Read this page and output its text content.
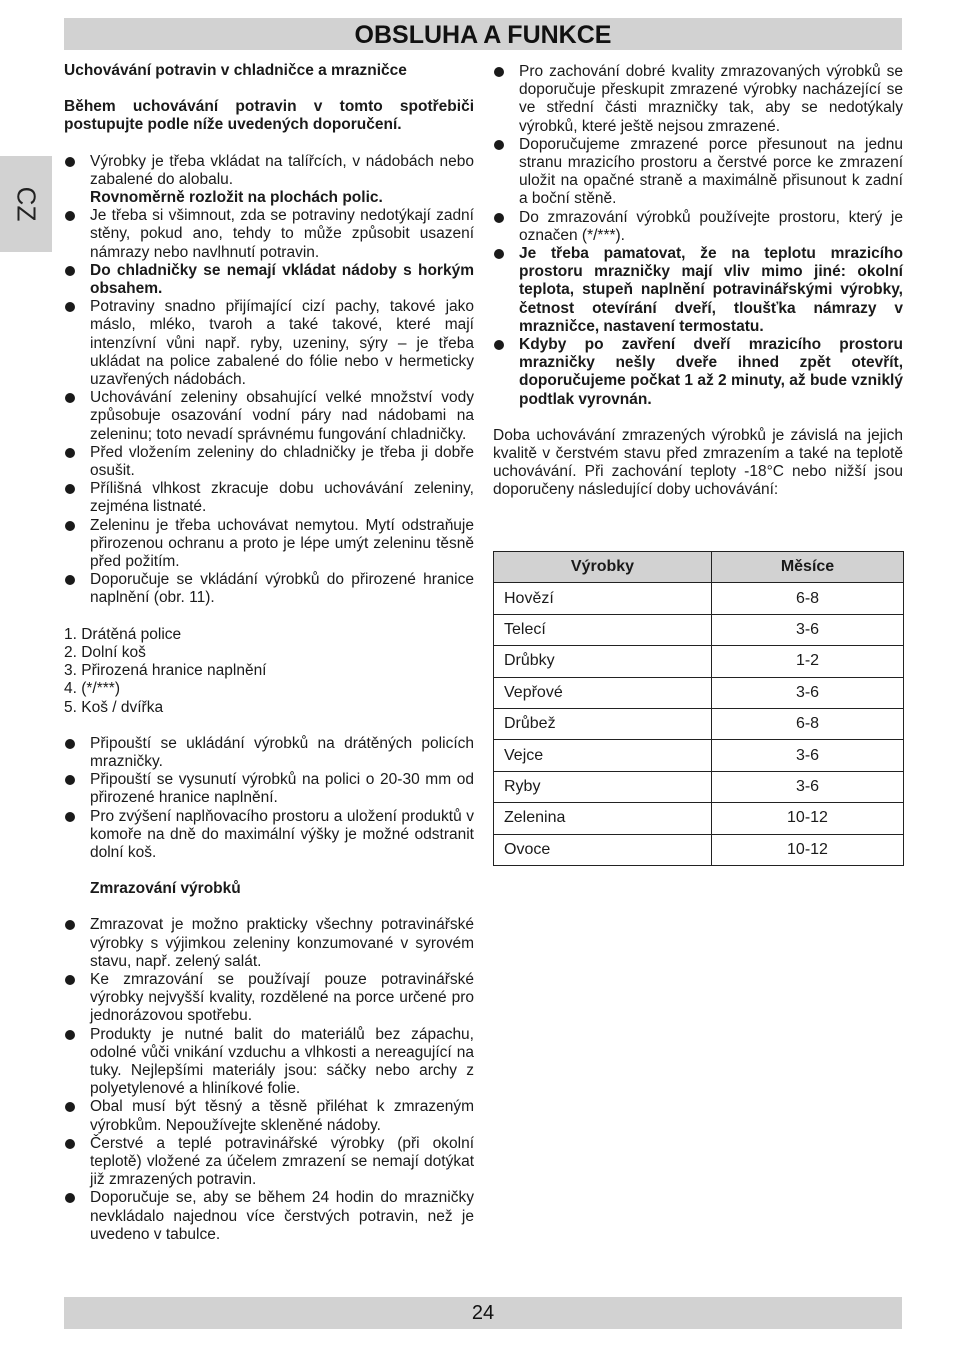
OBSLUHA A FUNKCE
CZ

Uchovávání potravin v chladničce a mrazničce

Během uchovávání potravin v tomto spotřebiči postupujte podle níže uvedených doporučení.

Výrobky je třeba vkládat na talířcích, v nádobách nebo zabalené do alobalu.
Rovnoměrně rozložit na plochách polic.
Je třeba si všimnout, zda se potraviny nedotýkají zadní stěny, pokud ano, tehdy to může způsobit usazení námrazy nebo navlhnutí potravin.
Do chladničky se nemají vkládat nádoby s horkým obsahem.
Potraviny snadno přijímající cizí pachy, takové jako máslo, mléko, tvaroh a také takové, které mají intenzívní vůni např. ryby, uzeniny, sýry – je třeba ukládat na police zabalené do fólie nebo v hermeticky uzavřených nádobách.
Uchovávání zeleniny obsahující velké množství vody způsobuje osazování vodní páry nad nádobami na zeleninu; toto nevadí správnému fungování chladničky.
Před vložením zeleniny do chladničky je třeba ji dobře osušit.
Přílišná vlhkost zkracuje dobu uchovávání zeleniny, zejména listnaté.
Zeleninu je třeba uchovávat nemytou. Mytí odstraňuje přirozenou ochranu a proto je lépe umýt zeleninu těsně před požitím.
Doporučuje se vkládání výrobků do přirozené hranice naplnění (obr. 11).
1. Drátěná police
2. Dolní koš
3. Přirozená hranice naplnění
4. (*/***)
5. Koš / dvířka
Připouští se ukládání výrobků na drátěných policích mrazničky.
Připouští se vysunutí výrobků na polici o 20-30 mm od přirozené hranice naplnění.
Pro zvýšení naplňovacího prostoru a uložení produktů v komoře na dně do maximální výšky je možné odstranit dolní koš.

Zmrazování výrobků

Zmrazovat je možno prakticky všechny potravinářské výrobky s výjimkou zeleniny konzumované v syrovém stavu, např. zelený salát.
Ke zmrazování se používají pouze potravinářské výrobky nejvyšší kvality, rozdělené na porce určené pro jednorázovou spotřebu.
Produkty je nutné balit do materiálů bez zápachu, odolné vůči vnikání vzduchu a vlhkosti a nereagující na tuky. Nejlepšími materiály jsou: sáčky nebo archy z polyetylenové a hliníkové folie.
Obal musí být těsný a těsně přiléhat k zmrazeným výrobkům. Nepoužívejte skleněné nádoby.
Čerstvé a teplé potravinářské výrobky (při okolní teplotě) vložené za účelem zmrazení se nemají dotýkat již zmrazených potravin.
Doporučuje se, aby se během 24 hodin do mrazničky nevkládalo najednou více čerstvých potravin, než je uvedeno v tabulce.
Pro zachování dobré kvality zmrazovaných výrobků se doporučuje přeskupit zmrazené výrobky nacházející se ve střední části mrazničky tak, aby se nedotýkaly výrobků, které ještě nejsou zmrazené.
Doporučujeme zmrazené porce přesunout na jednu stranu mrazicího prostoru a čerstvé porce ke zmrazení uložit na opačné straně a maximálně přisunout k zadní a boční stěně.
Do zmrazování výrobků používejte prostoru, který je označen (*/***).
Je třeba pamatovat, že na teplotu mrazicího prostoru mrazničky mají vliv mimo jiné: okolní teplota, stupeň naplnění potravinářskými výrobky, četnost otevírání dveří, tloušťka námrazy v mrazničce, nastavení termostatu.
Kdyby po zavření dveří mrazicího prostoru mrazničky nešly dveře ihned zpět otevřít, doporučujeme počkat 1 až 2 minuty, až bude vzniklý podtlak vyrovnán.

Doba uchovávání zmrazených výrobků je závislá na jejich kvalitě v čerstvém stavu před zmrazením a také na teplotě uchovávání. Při zachování teploty -18°C nebo nižší jsou doporučeny následující doby uchovávání:

Výrobky	Měsíce
Hovězí	6-8
Telecí	3-6
Drůbky	1-2
Vepřové	3-6
Drůbež	6-8
Vejce	3-6
Ryby	3-6
Zelenina	10-12
Ovoce	10-12
24
